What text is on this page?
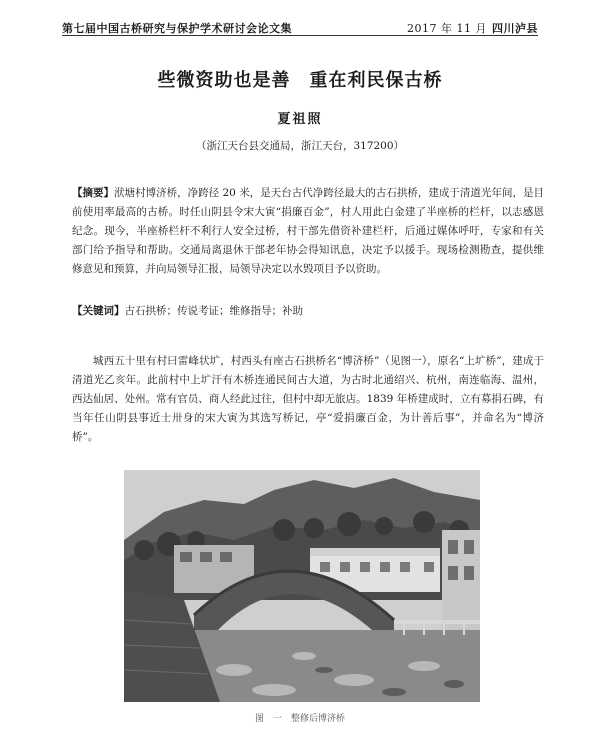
第七届中国古桥研究与保护学术研讨会论文集	2017 年 11 月 四川泸县
些微资助也是善　重在利民保古桥
夏祖照
（浙江天台县交通局，浙江天台，317200）
【摘要】洑塘村博济桥，净跨径 20 米，是天台古代净跨径最大的古石拱桥，建成于清道光年间，是目前使用率最高的古桥。时任山阴县令宋大寅“捐廉百金”，村人用此白金建了半座桥的栏杆，以志感恩纪念。现今，半座桥栏杆不利行人安全过桥，村干部先借资补建栏杆，后通过媒体呼吁，专家和有关部门给予指导和帮助。交通局离退休干部老年协会得知讯息，决定予以援手。现场检测勘查，提供维修意见和预算，并向局领导汇报，局领导决定以水毁项目予以资助。
【关键词】古石拱桥；传说考证；维修指导；补助

城西五十里有村曰雷峰状圹，村西头有座古石拱桥名“博济桥”（见图一），原名“上圹桥”，建成于清道光乙亥年。此前村中上圹汗有木桥连通民间古大道，为古时北通绍兴、杭州，南连临海、温州，西达仙居、处州。常有官员、商人经此过往，但村中却无旅店。1839 年桥建成时，立有募捐石碑，有当年任山阴县事近士卅身的宋大寅为其选写桥记，亭“爱捐廉百金，为计善后事”，并命名为“博济桥”。

图　一　整修后博济桥
